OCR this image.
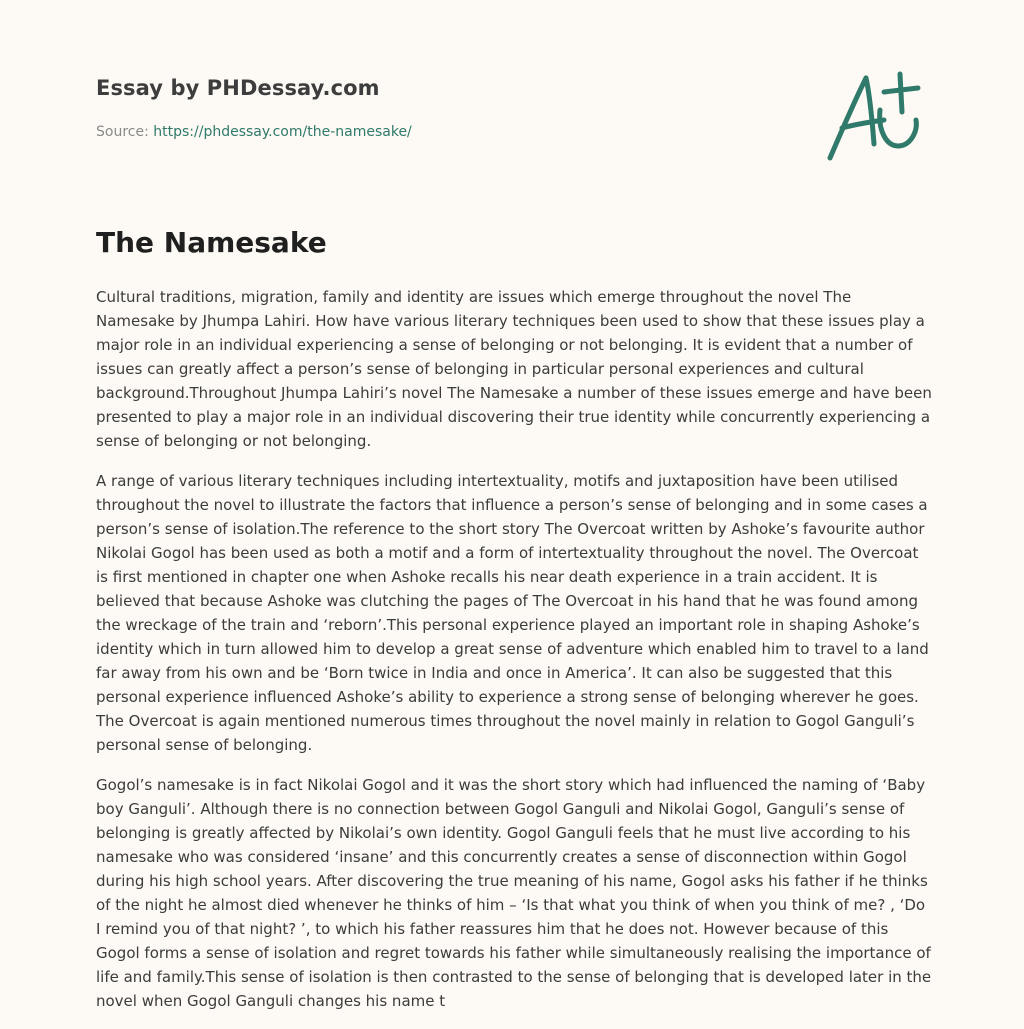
Essay by PHDessay.com
Source: https://phdessay.com/the-namesake/
The Namesake

Cultural traditions, migration, family and identity are issues which emerge throughout the novel The Namesake by Jhumpa Lahiri. How have various literary techniques been used to show that these issues play a major role in an individual experiencing a sense of belonging or not belonging. It is evident that a number of issues can greatly affect a person’s sense of belonging in particular personal experiences and cultural background.Throughout Jhumpa Lahiri’s novel The Namesake a number of these issues emerge and have been presented to play a major role in an individual discovering their true identity while concurrently experiencing a sense of belonging or not belonging.

A range of various literary techniques including intertextuality, motifs and juxtaposition have been utilised throughout the novel to illustrate the factors that influence a person’s sense of belonging and in some cases a person’s sense of isolation.The reference to the short story The Overcoat written by Ashoke’s favourite author Nikolai Gogol has been used as both a motif and a form of intertextuality throughout the novel. The Overcoat is first mentioned in chapter one when Ashoke recalls his near death experience in a train accident. It is believed that because Ashoke was clutching the pages of The Overcoat in his hand that he was found among the wreckage of the train and ‘reborn’.This personal experience played an important role in shaping Ashoke’s identity which in turn allowed him to develop a great sense of adventure which enabled him to travel to a land far away from his own and be ‘Born twice in India and once in America’. It can also be suggested that this personal experience influenced Ashoke’s ability to experience a strong sense of belonging wherever he goes. The Overcoat is again mentioned numerous times throughout the novel mainly in relation to Gogol Ganguli’s personal sense of belonging.

Gogol’s namesake is in fact Nikolai Gogol and it was the short story which had influenced the naming of ‘Baby boy Ganguli’. Although there is no connection between Gogol Ganguli and Nikolai Gogol, Ganguli’s sense of belonging is greatly affected by Nikolai’s own identity. Gogol Ganguli feels that he must live according to his namesake who was considered ‘insane’ and this concurrently creates a sense of disconnection within Gogol during his high school years. After discovering the true meaning of his name, Gogol asks his father if he thinks of the night he almost died whenever he thinks of him – ‘Is that what you think of when you think of me? , ‘Do I remind you of that night? ’, to which his father reassures him that he does not. However because of this Gogol forms a sense of isolation and regret towards his father while simultaneously realising the importance of life and family.This sense of isolation is then contrasted to the sense of belonging that is developed later in the novel when Gogol Ganguli changes his name t
